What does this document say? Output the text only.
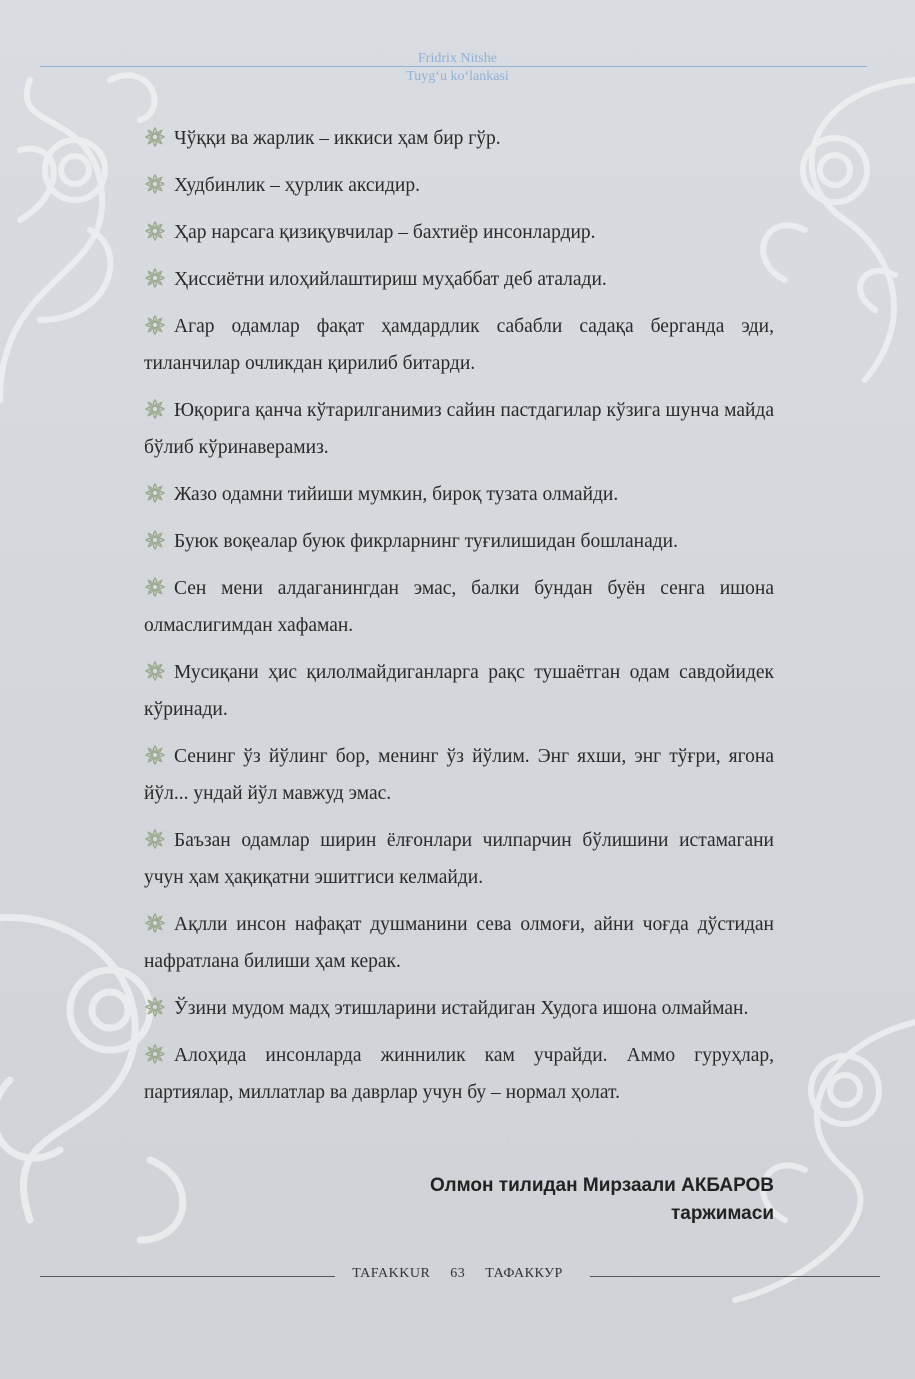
Fridrix Nitshe
Tuyg‘u ko‘lankasi

Чўққи ва жарлик – иккиси ҳам бир гўр.

Худбинлик – ҳурлик аксидир.

Ҳар нарсага қизиқувчилар – бахтиёр инсонлардир.

Ҳиссиётни илоҳийлаштириш муҳаббат деб аталади.

Агар одамлар фақат ҳамдардлик сабабли садақа берганда эди, тиланчилар очликдан қирилиб битарди.

Юқорига қанча кўтарилганимиз сайин пастдагилар кўзига шунча майда бўлиб кўринаверамиз.

Жазо одамни тийиши мумкин, бироқ тузата олмайди.

Буюк воқеалар буюк фикрларнинг туғилишидан бошланади.

Сен мени алдаганингдан эмас, балки бундан буён сенга ишона олмаслигимдан хафаман.

Мусиқани ҳис қилолмайдиганларга рақс тушаётган одам савдойидек кўринади.

Сенинг ўз йўлинг бор, менинг ўз йўлим. Энг яхши, энг тўғри, ягона йўл... ундай йўл мавжуд эмас.

Баъзан одамлар ширин ёлғонлари чилпарчин бўлишини истамагани учун ҳам ҳақиқатни эшитгиси келмайди.

Ақлли инсон нафақат душманини сева олмоғи, айни чоғда дўстидан нафратлана билиши ҳам керак.

Ўзини мудом мадҳ этишларини истайдиган Худога ишона олмайман.

Алоҳида инсонларда жиннилик кам учрайди. Аммо гуруҳлар, партиялар, миллатлар ва даврлар учун бу – нормал ҳолат.

Олмон тилидан Мирзаали АКБАРОВ
таржимаси
TAFAKKUR 63 ТАФАККУР
